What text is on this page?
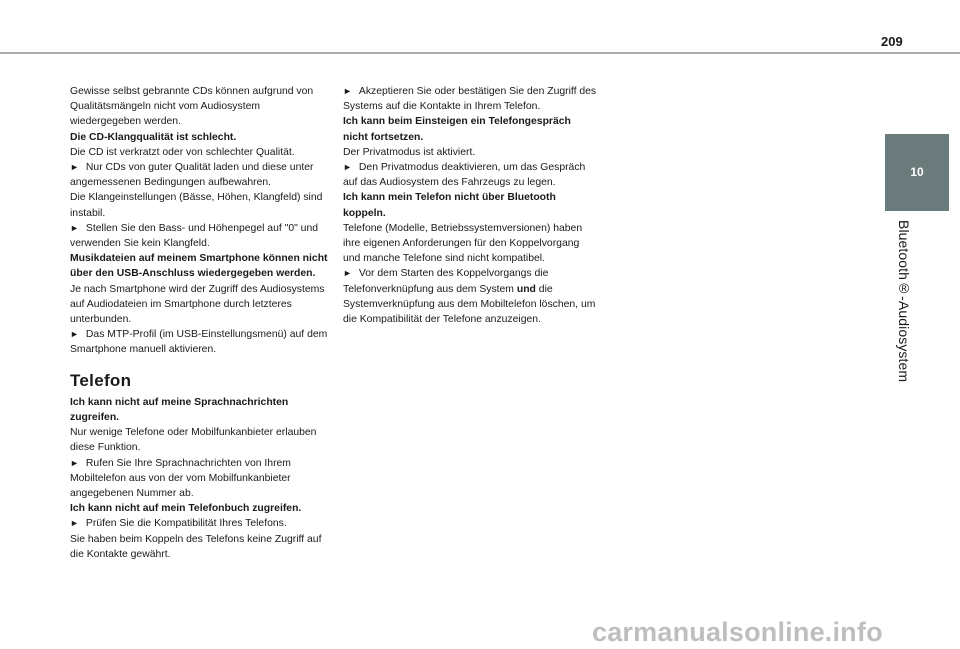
209
10
Bluetooth®-Audiosystem

Gewisse selbst gebrannte CDs können aufgrund von Qualitätsmängeln nicht vom Audiosystem wiedergegeben werden.

Die CD-Klangqualität ist schlecht.

Die CD ist verkratzt oder von schlechter Qualität.

► Nur CDs von guter Qualität laden und diese unter angemessenen Bedingungen aufbewahren.

Die Klangeinstellungen (Bässe, Höhen, Klangfeld) sind instabil.

► Stellen Sie den Bass- und Höhenpegel auf "0" und verwenden Sie kein Klangfeld.

Musikdateien auf meinem Smartphone können nicht über den USB-Anschluss wiedergegeben werden.

Je nach Smartphone wird der Zugriff des Audiosystems auf Audiodateien im Smartphone durch letzteres unterbunden.

► Das MTP-Profil (im USB-Einstellungsmenü) auf dem Smartphone manuell aktivieren.

Telefon

Ich kann nicht auf meine Sprachnachrichten zugreifen.

Nur wenige Telefone oder Mobilfunkanbieter erlauben diese Funktion.

► Rufen Sie Ihre Sprachnachrichten von Ihrem Mobiltelefon aus von der vom Mobilfunkanbieter angegebenen Nummer ab.

Ich kann nicht auf mein Telefonbuch zugreifen.

► Prüfen Sie die Kompatibilität Ihres Telefons.

Sie haben beim Koppeln des Telefons keine Zugriff auf die Kontakte gewährt.

► Akzeptieren Sie oder bestätigen Sie den Zugriff des Systems auf die Kontakte in Ihrem Telefon.

Ich kann beim Einsteigen ein Telefongespräch nicht fortsetzen.

Der Privatmodus ist aktiviert.

► Den Privatmodus deaktivieren, um das Gespräch auf das Audiosystem des Fahrzeugs zu legen.

Ich kann mein Telefon nicht über Bluetooth koppeln.

Telefone (Modelle, Betriebssystemversionen) haben ihre eigenen Anforderungen für den Koppelvorgang und manche Telefone sind nicht kompatibel.

► Vor dem Starten des Koppelvorgangs die Telefonverknüpfung aus dem System und die Systemverknüpfung aus dem Mobiltelefon löschen, um die Kompatibilität der Telefone anzuzeigen.

carmanualsonline.info
